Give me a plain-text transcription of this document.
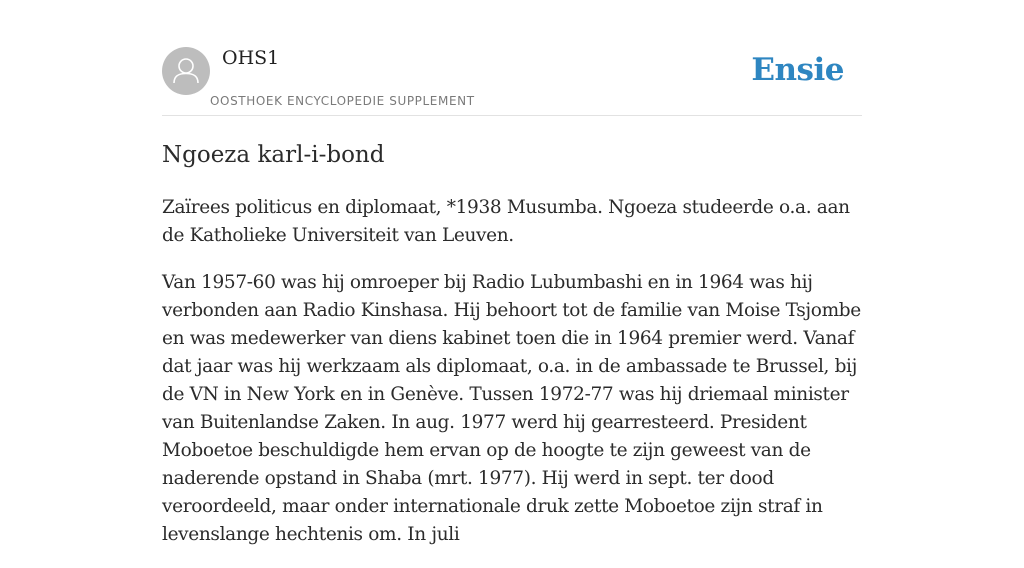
OHS1
OOSTHOEK ENCYCLOPEDIE SUPPLEMENT
Ensie
Ngoeza karl-i-bond

Zaïrees politicus en diplomaat, *1938 Musumba. Ngoeza studeerde o.a. aan de Katholieke Universiteit van Leuven.

Van 1957-60 was hij omroeper bij Radio Lubumbashi en in 1964 was hij verbonden aan Radio Kinshasa. Hij behoort tot de familie van Moise Tsjombe en was medewerker van diens kabinet toen die in 1964 premier werd. Vanaf dat jaar was hij werkzaam als diplomaat, o.a. in de ambassade te Brussel, bij de VN in New York en in Genève. Tussen 1972-77 was hij driemaal minister van Buitenlandse Zaken. In aug. 1977 werd hij gearresteerd. President Moboetoe beschuldigde hem ervan op de hoogte te zijn geweest van de naderende opstand in Shaba (mrt. 1977). Hij werd in sept. ter dood veroordeeld, maar onder internationale druk zette Moboetoe zijn straf in levenslange hechtenis om. In juli
